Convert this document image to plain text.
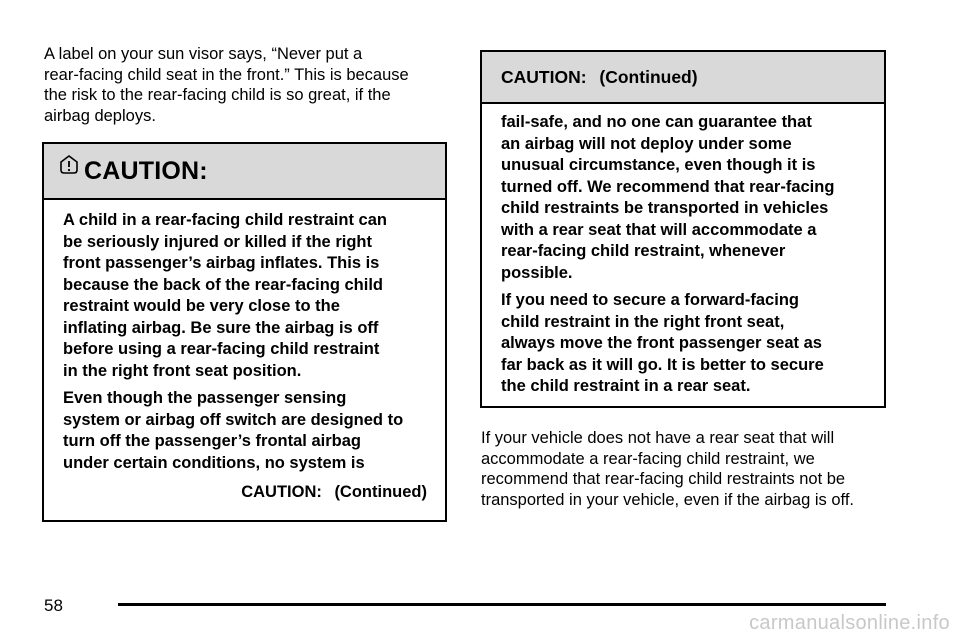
A label on your sun visor says, “Never put a
rear-facing child seat in the front.” This is because
the risk to the rear-facing child is so great, if the
airbag deploys.
CAUTION:

A child in a rear-facing child restraint can
be seriously injured or killed if the right
front passenger’s airbag inflates. This is
because the back of the rear-facing child
restraint would be very close to the
inflating airbag. Be sure the airbag is off
before using a rear-facing child restraint
in the right front seat position.

Even though the passenger sensing
system or airbag off switch are designed to
turn off the passenger’s frontal airbag
under certain conditions, no system is

CAUTION: (Continued)
CAUTION: (Continued)

fail-safe, and no one can guarantee that
an airbag will not deploy under some
unusual circumstance, even though it is
turned off. We recommend that rear-facing
child restraints be transported in vehicles
with a rear seat that will accommodate a
rear-facing child restraint, whenever
possible.

If you need to secure a forward-facing
child restraint in the right front seat,
always move the front passenger seat as
far back as it will go. It is better to secure
the child restraint in a rear seat.

If your vehicle does not have a rear seat that will
accommodate a rear-facing child restraint, we
recommend that rear-facing child restraints not be
transported in your vehicle, even if the airbag is off.
58
carmanualsonline.info
